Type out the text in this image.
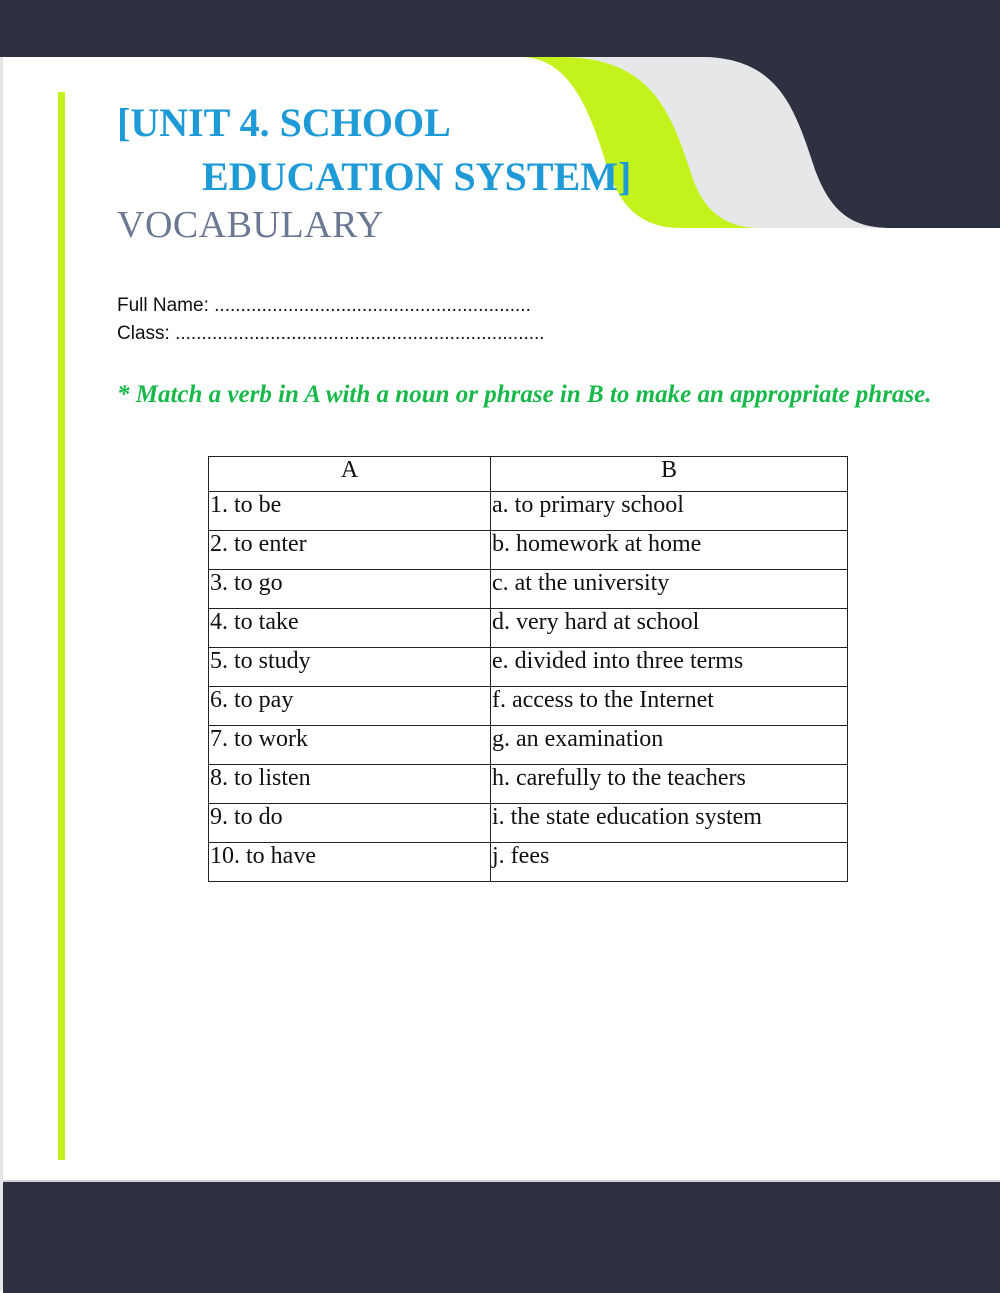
[UNIT 4. SCHOOL
EDUCATION SYSTEM]
VOCABULARY
Full Name: ............................................................
Class: ......................................................................
* Match a verb in A with a noun or phrase in B to make an appropriate phrase.
A	B
1. to be	a. to primary school
2. to enter	b. homework at home
3. to go	c. at the university
4. to take	d. very hard at school
5. to study	e. divided into three terms
6. to pay	f. access to the Internet
7. to work	g. an examination
8. to listen	h. carefully to the teachers
9. to do	i. the state education system
10. to have	j. fees
